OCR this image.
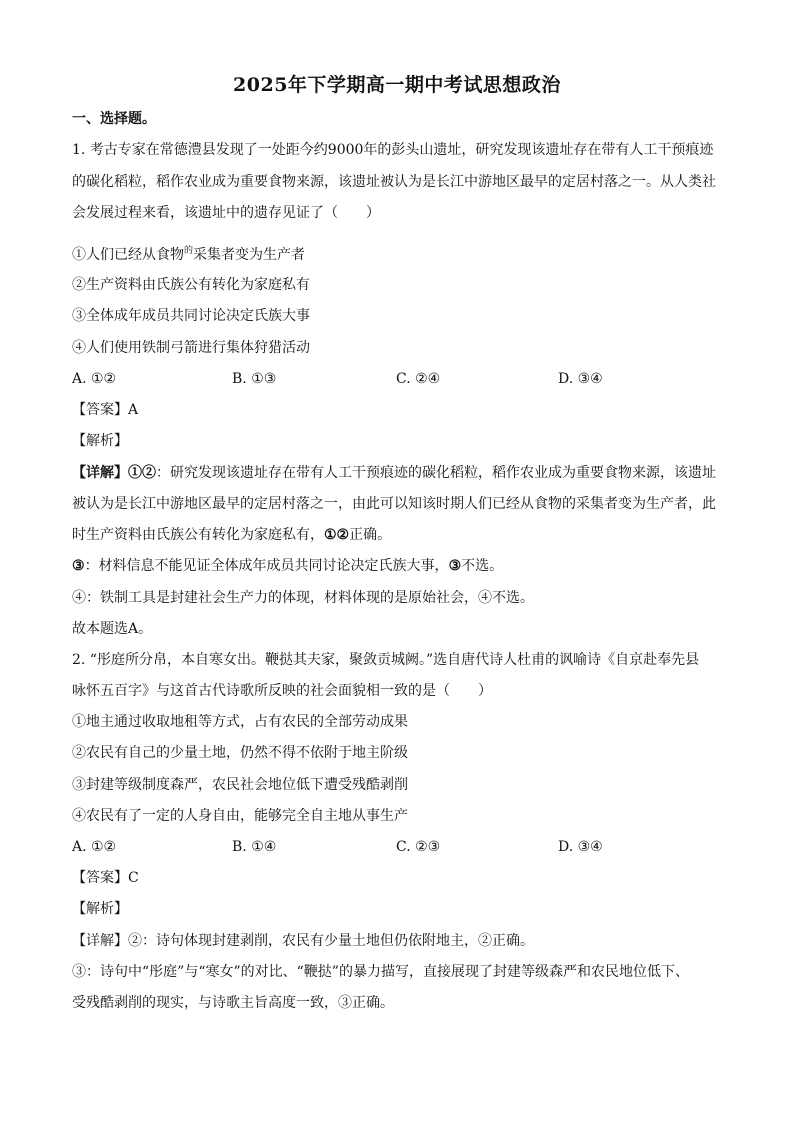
2025年下学期高一期中考试思想政治
一、选择题。
1. 考古专家在常德澧县发现了一处距今约9000年的彭头山遗址，研究发现该遗址存在带有人工干预痕迹
的碳化稻粒，稻作农业成为重要食物来源，该遗址被认为是长江中游地区最早的定居村落之一。从人类社
会发展过程来看，该遗址中的遗存见证了（　　）
①人们已经从食物$^的$采集者变为生产者
②生产资料由氏族公有转化为家庭私有
③全体成年成员共同讨论决定氏族大事
④人们使用铁制弓箭进行集体狩猎活动
A. ①②	B. ①③	C. ②④	D. ③④
【答案】A
【解析】
【详解】①②：研究发现该遗址存在带有人工干预痕迹的碳化稻粒，稻作农业成为重要食物来源，该遗址
被认为是长江中游地区最早的定居村落之一，由此可以知该时期人们已经从食物的采集者变为生产者，此
时生产资料由氏族公有转化为家庭私有，①②正确。
③：材料信息不能见证全体成年成员共同讨论决定氏族大事，③不选。
④：铁制工具是封建社会生产力的体现，材料体现的是原始社会，④不选。
故本题选A。
2. “彤庭所分帛，本自寒女出。鞭挞其夫家，聚敛贡城阙。”选自唐代诗人杜甫的讽喻诗《自京赴奉先县
咏怀五百字》与这首古代诗歌所反映的社会面貌相一致的是（　　）
①地主通过收取地租等方式，占有农民的全部劳动成果
②农民有自己的少量土地，仍然不得不依附于地主阶级
③封建等级制度森严，农民社会地位低下遭受残酷剥削
④农民有了一定的人身自由，能够完全自主地从事生产
A. ①②	B. ①④	C. ②③	D. ③④
【答案】C
【解析】
【详解】②：诗句体现封建剥削，农民有少量土地但仍依附地主，②正确。
③：诗句中“彤庭”与“寒女”的对比、“鞭挞”的暴力描写，直接展现了封建等级森严和农民地位低下、
受残酷剥削的现实，与诗歌主旨高度一致，③正确。
